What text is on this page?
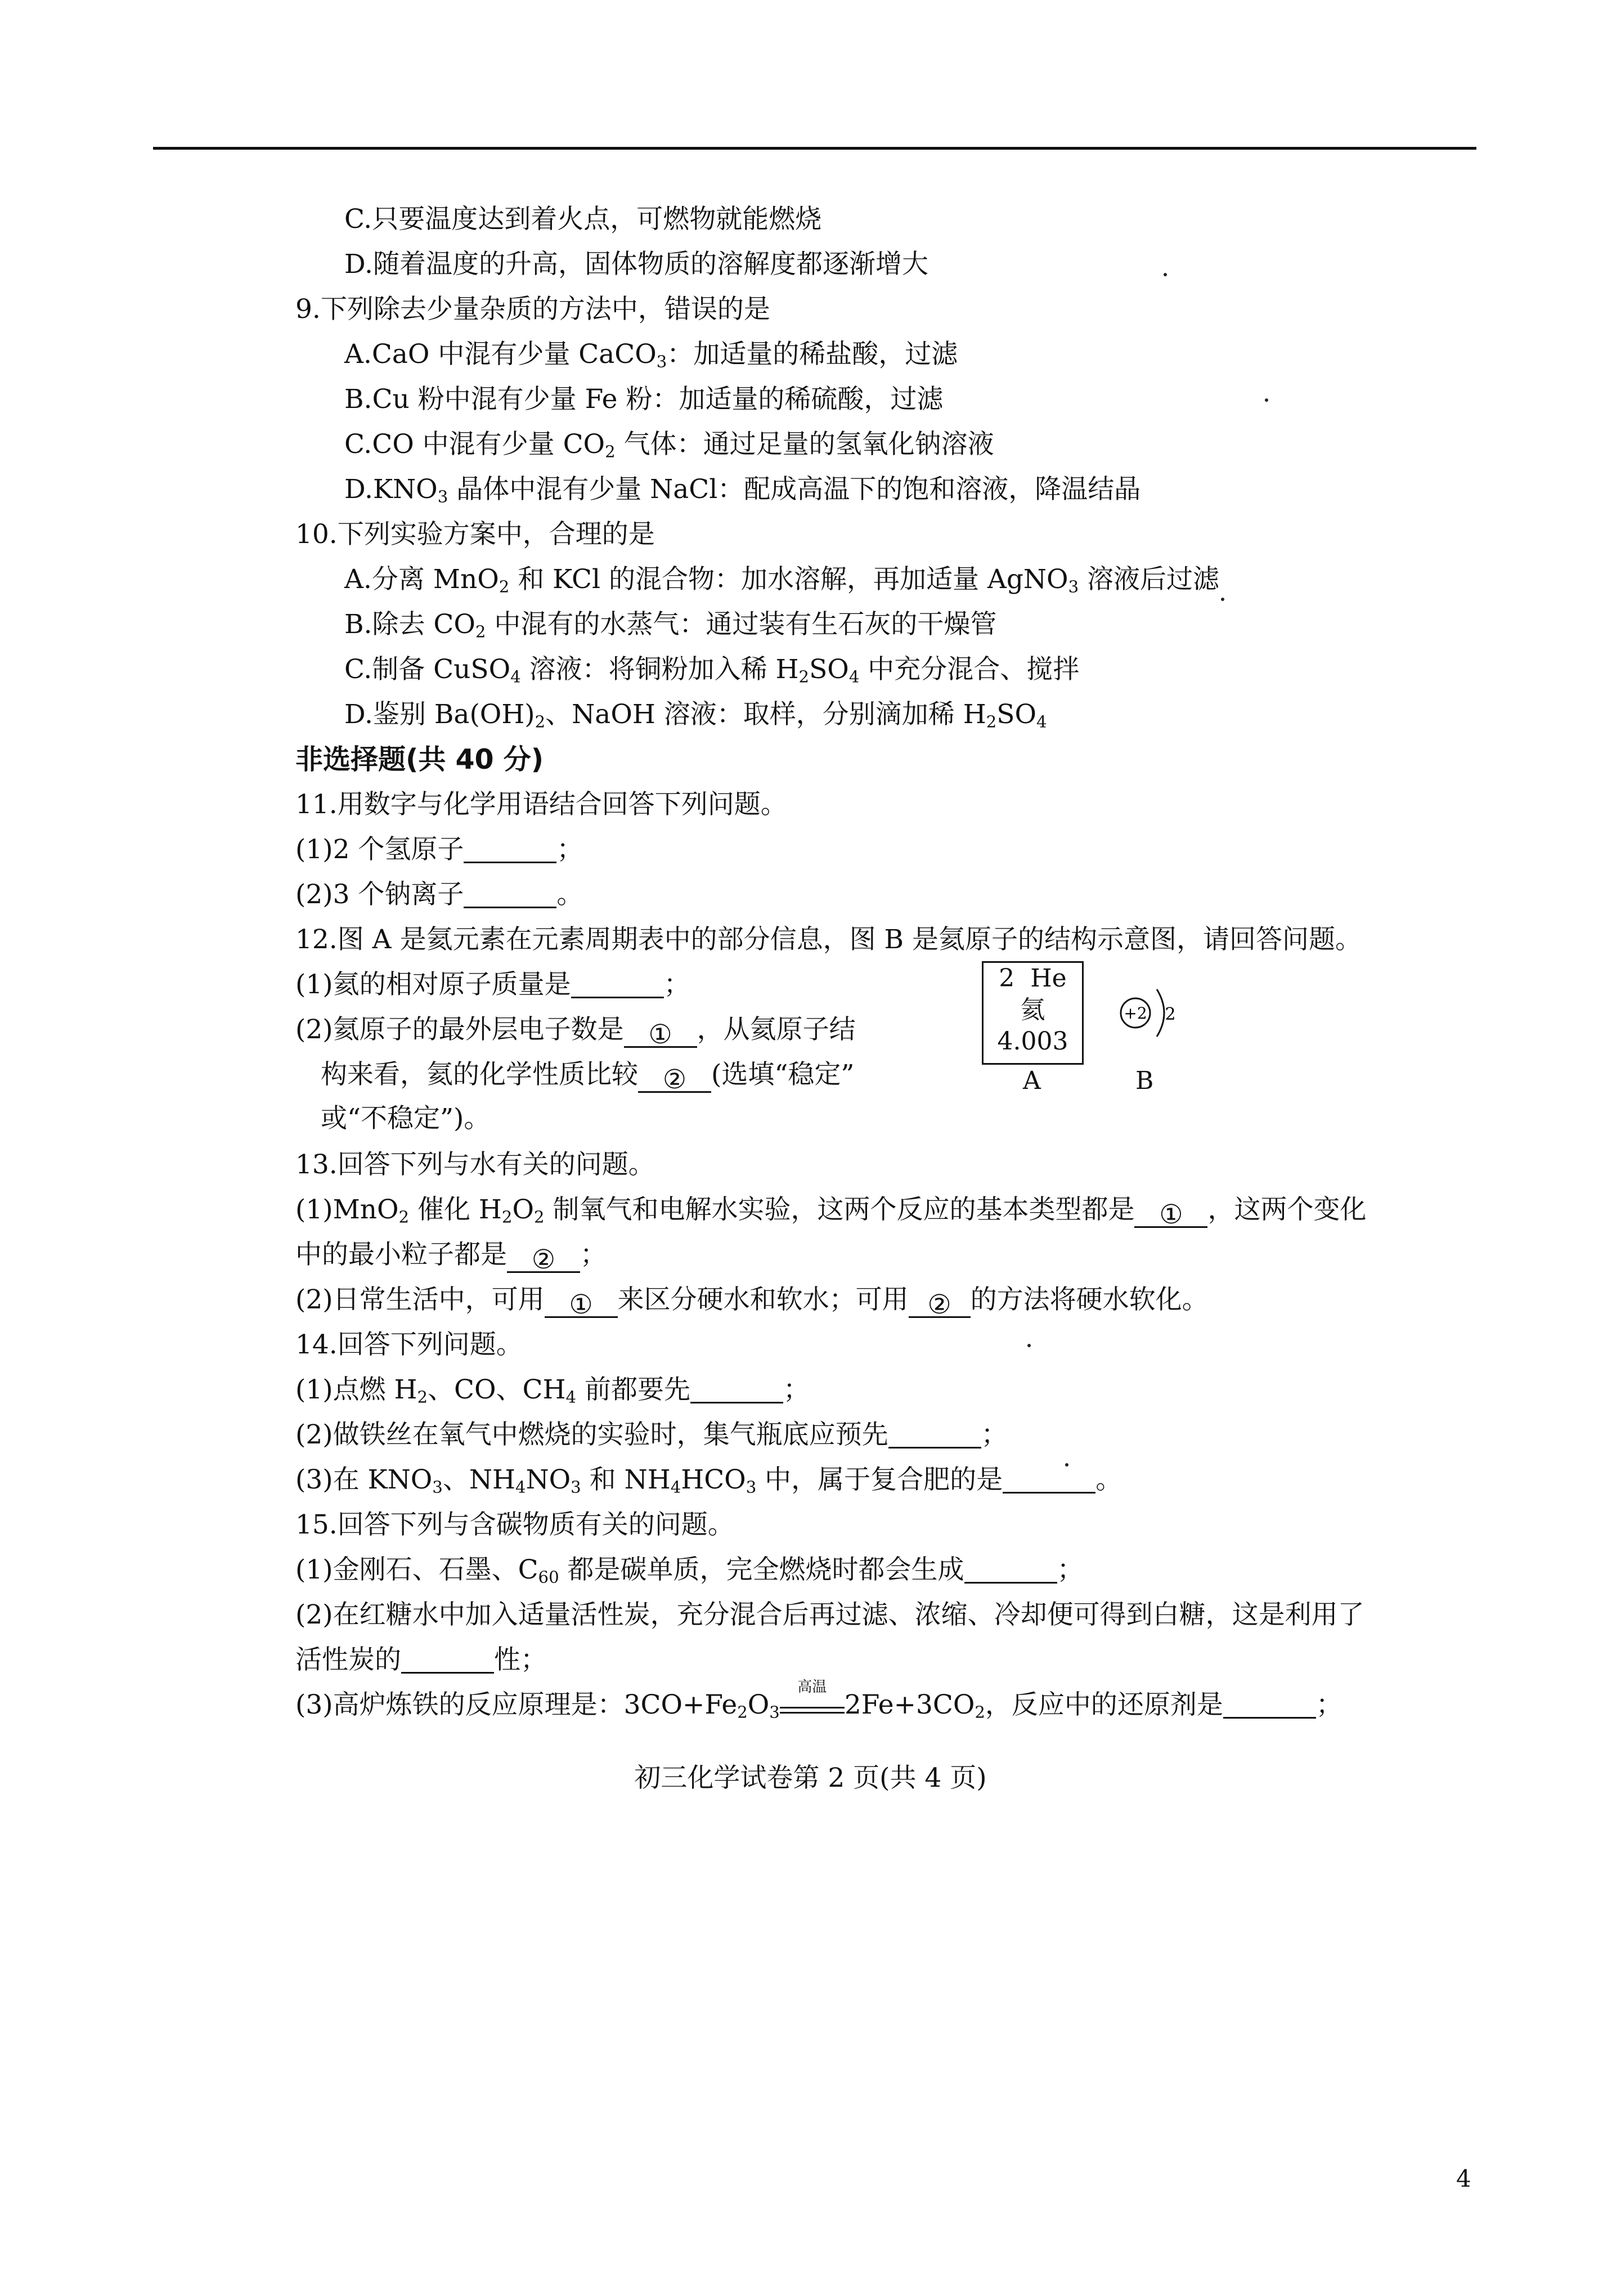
C.只要温度达到着火点，可燃物就能燃烧
D.随着温度的升高，固体物质的溶解度都逐渐增大
9.下列除去少量杂质的方法中，错误的是
A.CaO 中混有少量 CaCO$_3$：加适量的稀盐酸，过滤
B.Cu 粉中混有少量 Fe 粉：加适量的稀硫酸，过滤
C.CO 中混有少量 $CO_2$ 气体：通过足量的氢氧化钠溶液
$D.KNO_3$ 晶体中混有少量 NaCl：配成高温下的饱和溶液，降温结晶
10.下列实验方案中，合理的是
A.分离 MnO$_2$ 和 KCl 的混合物：加水溶解，再加适量 AgNO$_3$ 溶液后过滤
B.除去 $CO_2$ 中混有的水蒸气：通过装有生石灰的干燥管
C.制备 CuSO$_4$ 溶液：将铜粉加入稀 $H_2SO_4$ 中充分混合、搅拌
D.鉴别 $Ba(OH)_2$、NaOH 溶液：取样，分别滴加稀 $H_2SO_4$
非选择题(共 40 分)
11.用数字与化学用语结合回答下列问题。
(1)2 个氢原子	；
(2)3 个钠离子	。
12.图 A 是氦元素在元素周期表中的部分信息，图 B 是氦原子的结构示意图，请回答问题。
(1)氦的相对原子质量是	；
(2)氦原子的最外层电子数是 ① ，从氦原子结
构来看，氦的化学性质比较 ② (选填“稳定”
或“不稳定”)。
2 He
氦
4.003
A
+2 2
B
13.回答下列与水有关的问题。
(1)MnO$_2$ 催化 $H_2O_2$ 制氧气和电解水实验，这两个反应的基本类型都是 ① ，这两个变化
中的最小粒子都是 ② ；
(2)日常生活中，可用 ① 来区分硬水和软水；可用 ② 的方法将硬水软化。
14.回答下列问题。
(1)点燃 $H_2$、CO、$CH_4$ 前都要先	；
(2)做铁丝在氧气中燃烧的实验时，集气瓶底应预先	；
(3)在 $KNO_3$、$NH_4NO_3$ 和 $NH_4HCO_3$ 中，属于复合肥的是	。
15.回答下列与含碳物质有关的问题。
(1)金刚石、石墨、$C_{60}$ 都是碳单质，完全燃烧时都会生成	；
(2)在红糖水中加入适量活性炭，充分混合后再过滤、浓缩、冷却便可得到白糖，这是利用了
活性炭的	性；
(3)高炉炼铁的反应原理是：$3CO+Fe_2O_3$
高温
$2Fe+3CO_2$，反应中的还原剂是	；
初三化学试卷第 2 页(共 4 页)
4
